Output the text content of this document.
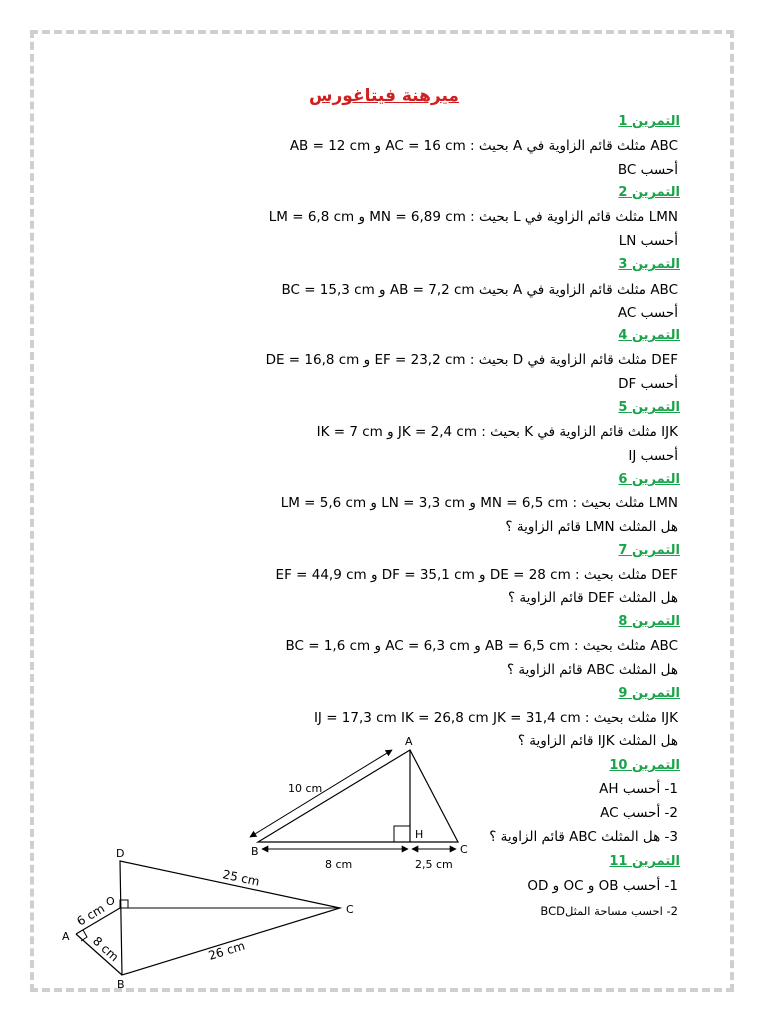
ميرهنة فيتاغورس
التمرين 1
ABC مثلث قائم الزاوية في A بحيث : AC = 16 cm و AB = 12 cm
أحسب BC
التمرين 2
LMN مثلث قائم الزاوية في L بحيث : MN = 6,89 cm و LM = 6,8 cm
أحسب LN
التمرين 3
ABC مثلث قائم الزاوية في A بحيث AB = 7,2 cm و BC = 15,3 cm
أحسب AC
التمرين 4
DEF مثلث قائم الزاوية في D بحيث : EF = 23,2 cm و DE = 16,8 cm
أحسب DF
التمرين 5
IJK مثلث قائم الزاوية في K بحيث : JK = 2,4 cm و IK = 7 cm
أحسب IJ
التمرين 6
LMN مثلث بحيث : MN = 6,5 cm و LN = 3,3 cm و LM = 5,6 cm
هل المثلث LMN قائم الزاوية ؟
التمرين 7
DEF مثلث بحيث : DE = 28 cm و DF = 35,1 cm و EF = 44,9 cm
هل المثلث DEF قائم الزاوية ؟
التمرين 8
ABC مثلث بحيث : AB = 6,5 cm و AC = 6,3 cm و BC = 1,6 cm
هل المثلث ABC قائم الزاوية ؟
التمرين 9
IJK مثلث بحيث : IJ = 17,3 cm IK = 26,8 cm JK = 31,4 cm
هل المثلث IJK قائم الزاوية ؟
التمرين 10
1- أحسب AH
2- أحسب AC
3- هل المثلث ABC قائم الزاوية ؟
التمرين 11
1- أحسب OB و OC و OD
2- احسب مساحة المثلBCD
A
B	C
H
10 cm
8 cm	2,5 cm
D
O
C
A
B
25 cm
26 cm
6 cm
8 cm
